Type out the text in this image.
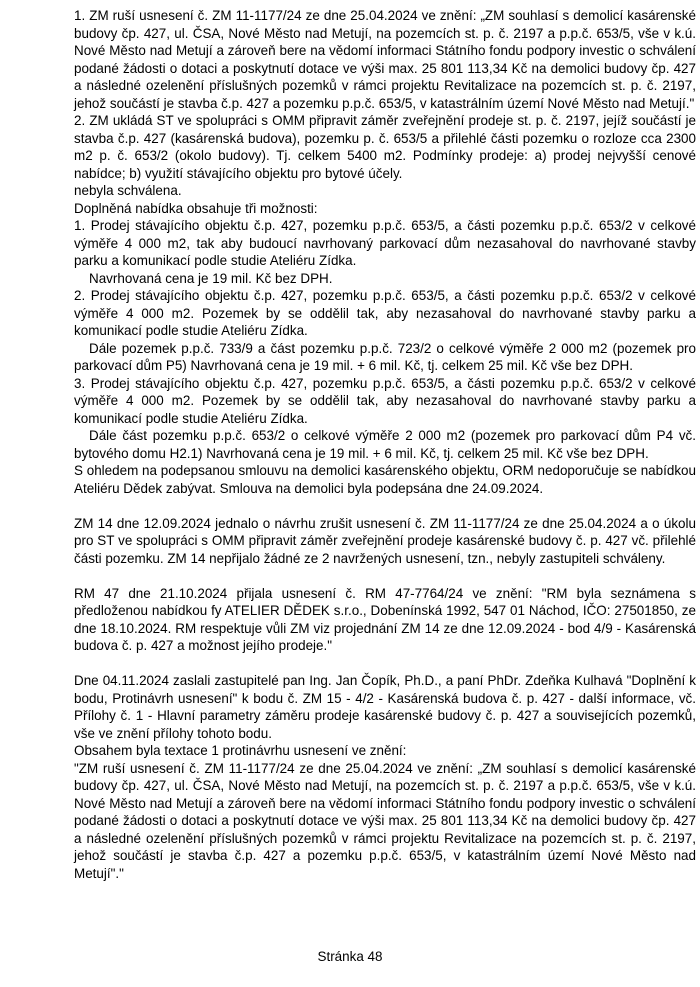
1. ZM ruší usnesení č. ZM 11-1177/24 ze dne 25.04.2024 ve znění: „ZM souhlasí s demolicí kasárenské budovy čp. 427, ul. ČSA, Nové Město nad Metují, na pozemcích st. p. č. 2197 a p.p.č. 653/5, vše v k.ú. Nové Město nad Metují a zároveň bere na vědomí informaci Státního fondu podpory investic o schválení podané žádosti o dotaci a poskytnutí dotace ve výši max. 25 801 113,34 Kč na demolici budovy čp. 427 a následné ozelenění příslušných pozemků v rámci projektu Revitalizace na pozemcích st. p. č. 2197, jehož součástí je stavba č.p. 427 a pozemku p.p.č. 653/5, v katastrálním území Nové Město nad Metují."

2. ZM ukládá ST ve spolupráci s OMM připravit záměr zveřejnění prodeje st. p. č. 2197, jejíž součástí je stavba č.p. 427 (kasárenská budova), pozemku p. č. 653/5 a přilehlé části pozemku o rozloze cca 2300 m2 p. č. 653/2 (okolo budovy). Tj. celkem 5400 m2. Podmínky prodeje: a) prodej nejvyšší cenové nabídce; b) využití stávajícího objektu pro bytové účely.

nebyla schválena.

Doplněná nabídka obsahuje tři možnosti:

1. Prodej stávajícího objektu č.p. 427, pozemku p.p.č. 653/5, a části pozemku p.p.č. 653/2 v celkové výměře 4 000 m2, tak aby budoucí navrhovaný parkovací dům nezasahoval do navrhované stavby parku a komunikací podle studie Ateliéru Zídka.

Navrhovaná cena je 19 mil. Kč bez DPH.

2. Prodej stávajícího objektu č.p. 427, pozemku p.p.č. 653/5, a části pozemku p.p.č. 653/2 v celkové výměře 4 000 m2. Pozemek by se oddělil tak, aby nezasahoval do navrhované stavby parku a komunikací podle studie Ateliéru Zídka.

Dále pozemek p.p.č. 733/9 a část pozemku p.p.č. 723/2 o celkové výměře 2 000 m2 (pozemek pro parkovací dům P5) Navrhovaná cena je 19 mil. + 6 mil. Kč, tj. celkem 25 mil. Kč vše bez DPH.

3. Prodej stávajícího objektu č.p. 427, pozemku p.p.č. 653/5, a části pozemku p.p.č. 653/2 v celkové výměře 4 000 m2. Pozemek by se oddělil tak, aby nezasahoval do navrhované stavby parku a komunikací podle studie Ateliéru Zídka.

Dále část pozemku p.p.č. 653/2 o celkové výměře 2 000 m2 (pozemek pro parkovací dům P4 vč. bytového domu H2.1) Navrhovaná cena je 19 mil. + 6 mil. Kč, tj. celkem 25 mil. Kč vše bez DPH.

S ohledem na podepsanou smlouvu na demolici kasárenského objektu, ORM nedoporučuje se nabídkou Ateliéru Dědek zabývat. Smlouva na demolici byla podepsána dne 24.09.2024.

ZM 14 dne 12.09.2024 jednalo o návrhu zrušit usnesení č. ZM 11-1177/24 ze dne 25.04.2024 a o úkolu pro ST ve spolupráci s OMM připravit záměr zveřejnění prodeje kasárenské budovy č. p. 427 vč. přilehlé části pozemku. ZM 14 nepřijalo žádné ze 2 navržených usnesení, tzn., nebyly zastupiteli schváleny.

RM 47 dne 21.10.2024 přijala usnesení č. RM 47-7764/24 ve znění: "RM byla seznámena s předloženou nabídkou fy ATELIER DĚDEK s.r.o., Dobenínská 1992, 547 01 Náchod, IČO: 27501850, ze dne 18.10.2024. RM respektuje vůli ZM viz projednání ZM 14 ze dne 12.09.2024 - bod 4/9 - Kasárenská budova č. p. 427 a možnost jejího prodeje."

Dne 04.11.2024 zaslali zastupitelé pan Ing. Jan Čopík, Ph.D., a paní PhDr. Zdeňka Kulhavá "Doplnění k bodu, Protinávrh usnesení" k bodu č. ZM 15 - 4/2 - Kasárenská budova č. p. 427 - další informace, vč. Přílohy č. 1 - Hlavní parametry záměru prodeje kasárenské budovy č. p. 427 a souvisejících pozemků, vše ve znění přílohy tohoto bodu.

Obsahem byla textace 1 protinávrhu usnesení ve znění:

"ZM ruší usnesení č. ZM 11-1177/24 ze dne 25.04.2024 ve znění: „ZM souhlasí s demolicí kasárenské budovy čp. 427, ul. ČSA, Nové Město nad Metují, na pozemcích st. p. č. 2197 a p.p.č. 653/5, vše v k.ú. Nové Město nad Metují a zároveň bere na vědomí informaci Státního fondu podpory investic o schválení podané žádosti o dotaci a poskytnutí dotace ve výši max. 25 801 113,34 Kč na demolici budovy čp. 427 a následné ozelenění příslušných pozemků v rámci projektu Revitalizace na pozemcích st. p. č. 2197, jehož součástí je stavba č.p. 427 a pozemku p.p.č. 653/5, v katastrálním území Nové Město nad Metují"."

Stránka 48
